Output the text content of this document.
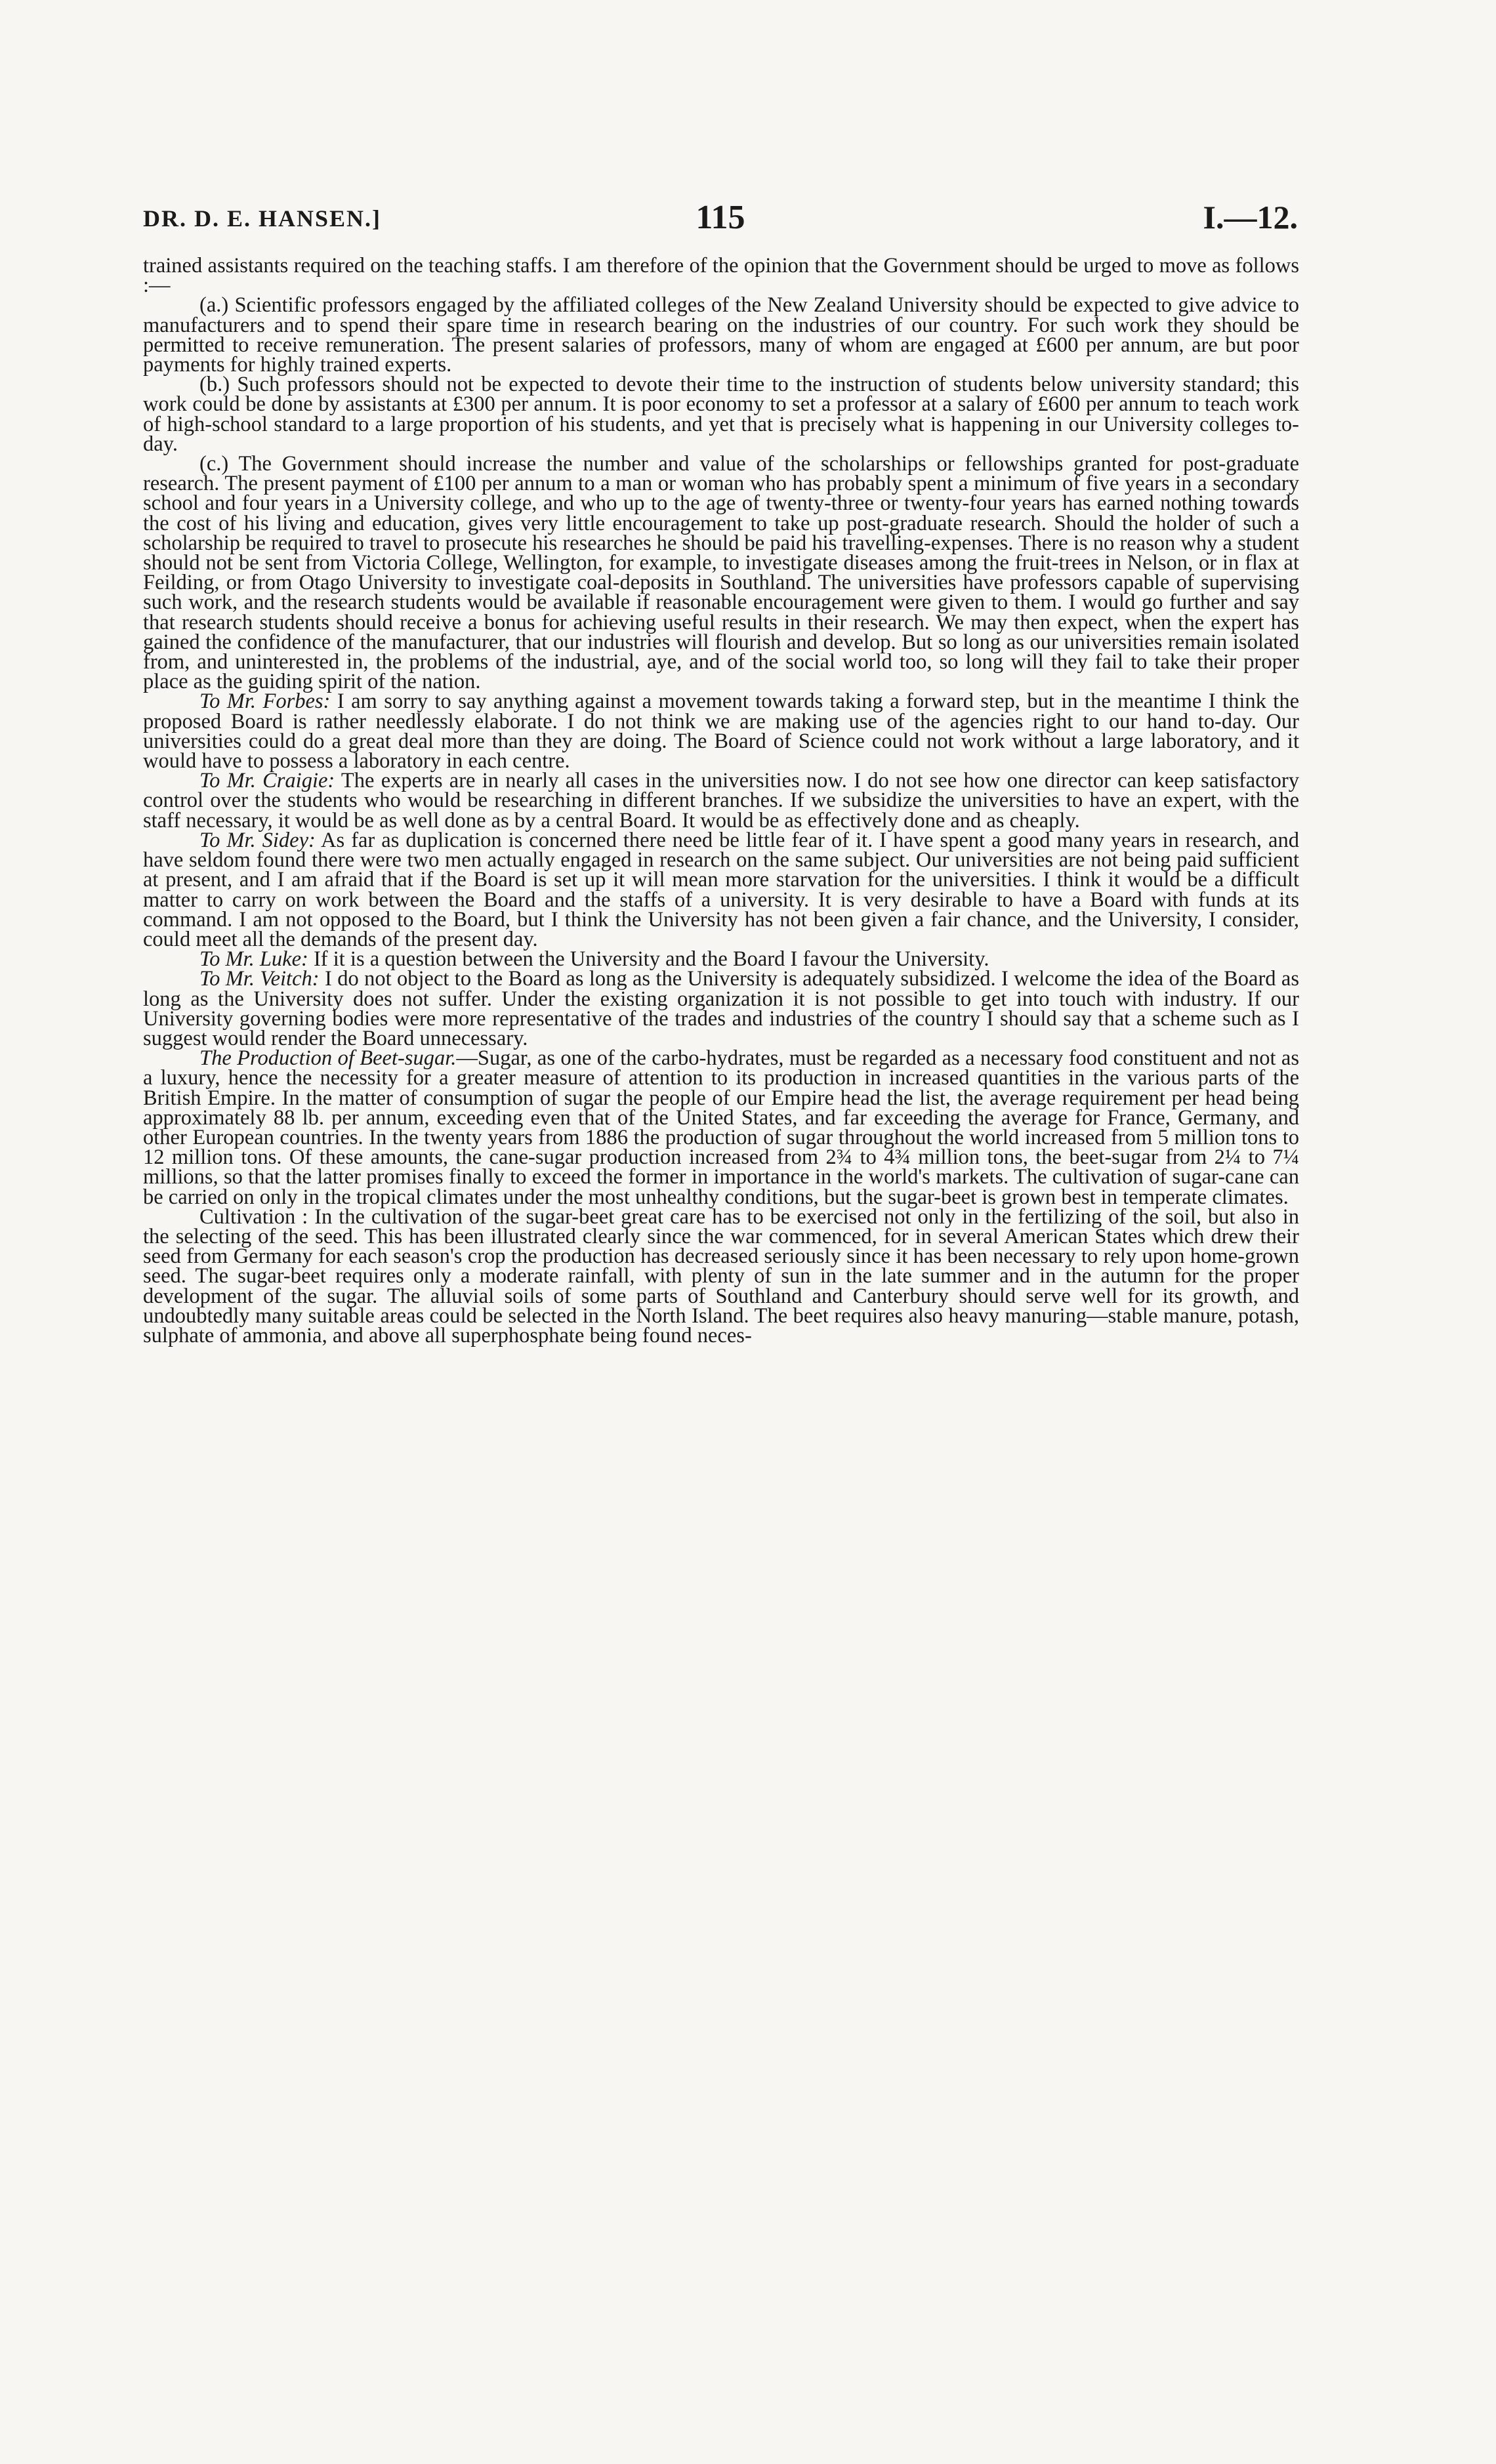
DR. D. E. HANSEN.]	115	I.—12.

trained assistants required on the teaching staffs. I am therefore of the opinion that the Government should be urged to move as follows :—

(a.) Scientific professors engaged by the affiliated colleges of the New Zealand University should be expected to give advice to manufacturers and to spend their spare time in research bearing on the industries of our country. For such work they should be permitted to receive remuneration. The present salaries of professors, many of whom are engaged at £600 per annum, are but poor payments for highly trained experts.

(b.) Such professors should not be expected to devote their time to the instruction of students below university standard; this work could be done by assistants at £300 per annum. It is poor economy to set a professor at a salary of £600 per annum to teach work of high-school standard to a large proportion of his students, and yet that is precisely what is happening in our University colleges to-day.

(c.) The Government should increase the number and value of the scholarships or fellowships granted for post-graduate research. The present payment of £100 per annum to a man or woman who has probably spent a minimum of five years in a secondary school and four years in a University college, and who up to the age of twenty-three or twenty-four years has earned nothing towards the cost of his living and education, gives very little encouragement to take up post-graduate research. Should the holder of such a scholarship be required to travel to prosecute his researches he should be paid his travelling-expenses. There is no reason why a student should not be sent from Victoria College, Wellington, for example, to investigate diseases among the fruit-trees in Nelson, or in flax at Feilding, or from Otago University to investigate coal-deposits in Southland. The universities have professors capable of supervising such work, and the research students would be available if reasonable encouragement were given to them. I would go further and say that research students should receive a bonus for achieving useful results in their research. We may then expect, when the expert has gained the confidence of the manufacturer, that our industries will flourish and develop. But so long as our universities remain isolated from, and uninterested in, the problems of the industrial, aye, and of the social world too, so long will they fail to take their proper place as the guiding spirit of the nation.

To Mr. Forbes: I am sorry to say anything against a movement towards taking a forward step, but in the meantime I think the proposed Board is rather needlessly elaborate. I do not think we are making use of the agencies right to our hand to-day. Our universities could do a great deal more than they are doing. The Board of Science could not work without a large laboratory, and it would have to possess a laboratory in each centre.

To Mr. Craigie: The experts are in nearly all cases in the universities now. I do not see how one director can keep satisfactory control over the students who would be researching in different branches. If we subsidize the universities to have an expert, with the staff necessary, it would be as well done as by a central Board. It would be as effectively done and as cheaply.

To Mr. Sidey: As far as duplication is concerned there need be little fear of it. I have spent a good many years in research, and have seldom found there were two men actually engaged in research on the same subject. Our universities are not being paid sufficient at present, and I am afraid that if the Board is set up it will mean more starvation for the universities. I think it would be a difficult matter to carry on work between the Board and the staffs of a university. It is very desirable to have a Board with funds at its command. I am not opposed to the Board, but I think the University has not been given a fair chance, and the University, I consider, could meet all the demands of the present day.

To Mr. Luke: If it is a question between the University and the Board I favour the University.

To Mr. Veitch: I do not object to the Board as long as the University is adequately subsidized. I welcome the idea of the Board as long as the University does not suffer. Under the existing organization it is not possible to get into touch with industry. If our University governing bodies were more representative of the trades and industries of the country I should say that a scheme such as I suggest would render the Board unnecessary.

The Production of Beet-sugar.—Sugar, as one of the carbo-hydrates, must be regarded as a necessary food constituent and not as a luxury, hence the necessity for a greater measure of attention to its production in increased quantities in the various parts of the British Empire. In the matter of consumption of sugar the people of our Empire head the list, the average requirement per head being approximately 88 lb. per annum, exceeding even that of the United States, and far exceeding the average for France, Germany, and other European countries. In the twenty years from 1886 the production of sugar throughout the world increased from 5 million tons to 12 million tons. Of these amounts, the cane-sugar production increased from 2¾ to 4¾ million tons, the beet-sugar from 2¼ to 7¼ millions, so that the latter promises finally to exceed the former in importance in the world's markets. The cultivation of sugar-cane can be carried on only in the tropical climates under the most unhealthy conditions, but the sugar-beet is grown best in temperate climates.

Cultivation : In the cultivation of the sugar-beet great care has to be exercised not only in the fertilizing of the soil, but also in the selecting of the seed. This has been illustrated clearly since the war commenced, for in several American States which drew their seed from Germany for each season's crop the production has decreased seriously since it has been necessary to rely upon home-grown seed. The sugar-beet requires only a moderate rainfall, with plenty of sun in the late summer and in the autumn for the proper development of the sugar. The alluvial soils of some parts of Southland and Canterbury should serve well for its growth, and undoubtedly many suitable areas could be selected in the North Island. The beet requires also heavy manuring—stable manure, potash, sulphate of ammonia, and above all superphosphate being found neces-
